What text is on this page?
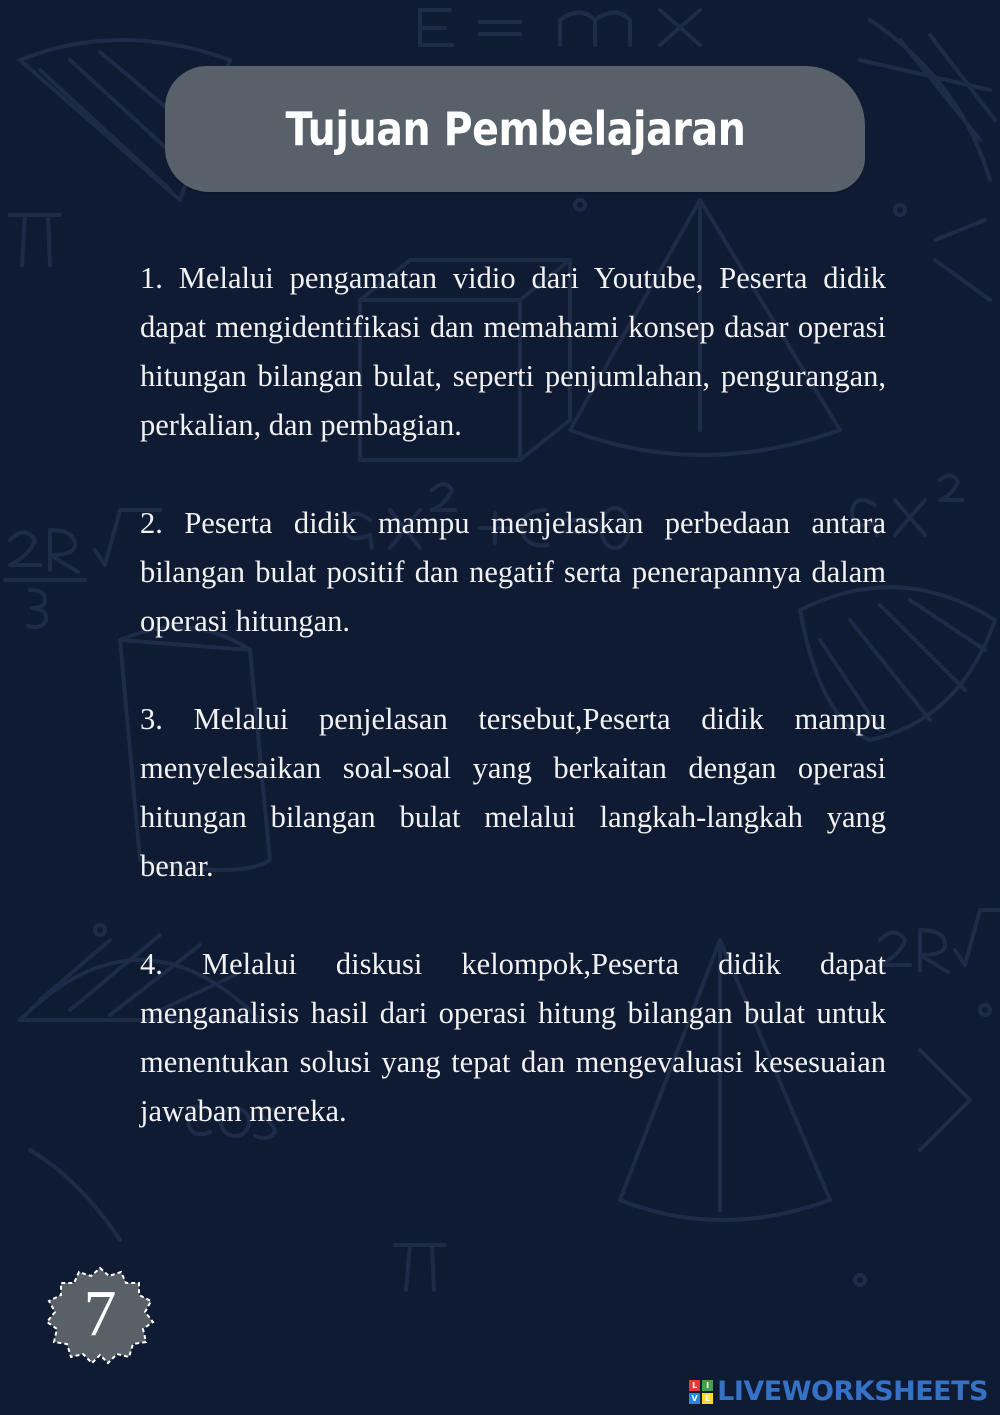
Tujuan Pembelajaran

1. Melalui pengamatan vidio dari Youtube, Peserta didik dapat mengidentifikasi dan memahami konsep dasar operasi hitungan bilangan bulat, seperti penjumlahan, pengurangan, perkalian, dan pembagian.

2. Peserta didik mampu menjelaskan perbedaan antara bilangan bulat positif dan negatif serta penerapannya dalam operasi hitungan.

3. Melalui penjelasan tersebut,Peserta didik mampu menyelesaikan soal-soal yang berkaitan dengan operasi hitungan bilangan bulat melalui langkah-langkah yang benar.

4. Melalui diskusi kelompok,Peserta didik dapat menganalisis hasil dari operasi hitung bilangan bulat untuk menentukan solusi yang tepat dan mengevaluasi kesesuaian jawaban mereka.

7
L	I
V E LIVEWORKSHEETS
